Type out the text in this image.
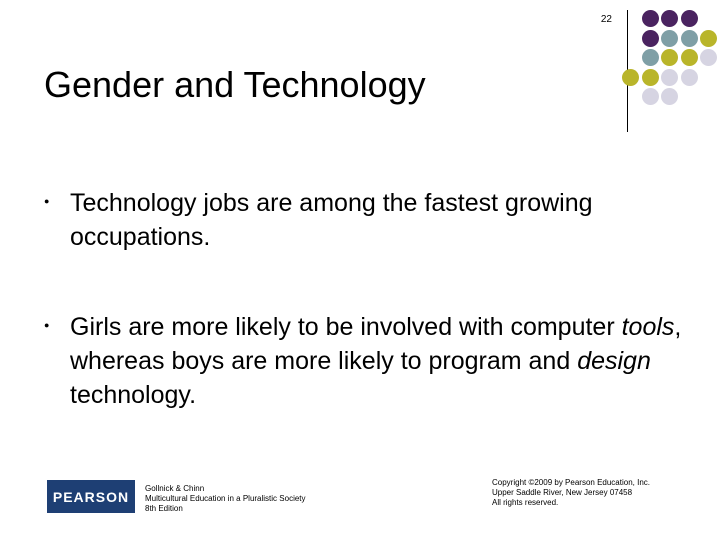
22
Gender and Technology
● Technology jobs are among the fastest growing occupations.
● Girls are more likely to be involved with computer tools, whereas boys are more likely to program and design technology.
PEARSON	Gollnick & Chinn
Multicultural Education in a Pluralistic Society
8th Edition
Copyright ©2009 by Pearson Education, Inc.
Upper Saddle River, New Jersey 07458
All rights reserved.
